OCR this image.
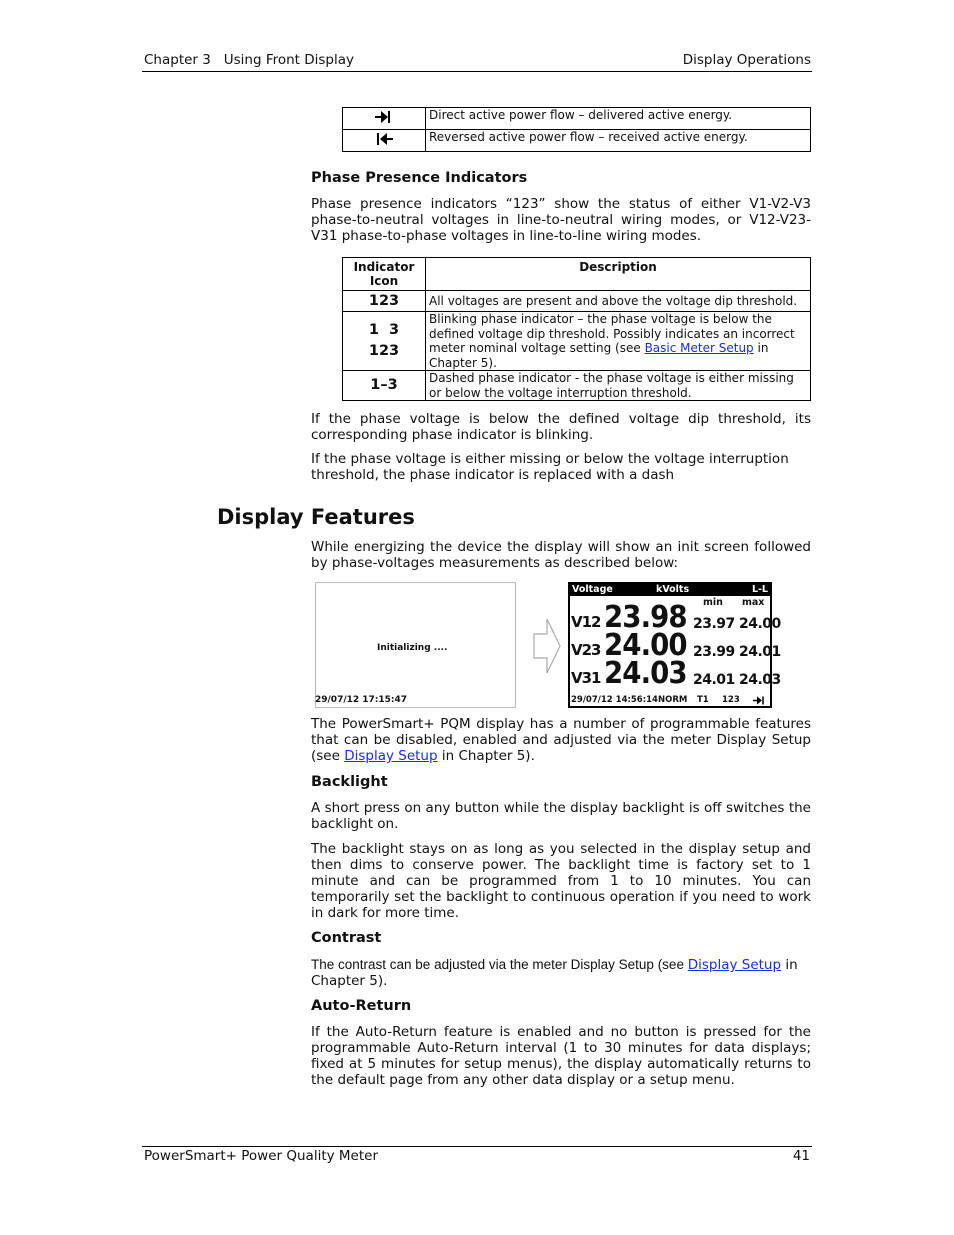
Chapter 3 Using Front Display	Display Operations
	Direct active power flow – delivered active energy.
	Reversed active power flow – received active energy.
Phase Presence Indicators
Phase presence indicators “123” show the status of either V1-V2-V3 phase-to-neutral voltages in line-to-neutral wiring modes, or V12-V23-V31 phase-to-phase voltages in line-to-line wiring modes.
Indicator Icon	Description
123	All voltages are present and above the voltage dip threshold.

1  3
123	Blinking phase indicator – the phase voltage is below the defined voltage dip threshold. Possibly indicates an incorrect meter nominal voltage setting (see Basic Meter Setup in Chapter 5).
1–3	Dashed phase indicator - the phase voltage is either missing or below the voltage interruption threshold.
If the phase voltage is below the defined voltage dip threshold, its corresponding phase indicator is blinking.
If the phase voltage is either missing or below the voltage interruption threshold, the phase indicator is replaced with a dash
Display Features
While energizing the device the display will show an init screen followed by phase-voltages measurements as described below:
Initializing ....
29/07/12 17:15:47
Voltage	kVolts	L-L
min max
V12 23.98 23.97 24.00
V23 24.00 23.99 24.01
V31 24.03 24.01 24.03
29/07/12 14:56:14 NORM T1 123
The PowerSmart+ PQM display has a number of programmable features that can be disabled, enabled and adjusted via the meter Display Setup (see Display Setup in Chapter 5).
Backlight
A short press on any button while the display backlight is off switches the backlight on.
The backlight stays on as long as you selected in the display setup and then dims to conserve power. The backlight time is factory set to 1 minute and can be programmed from 1 to 10 minutes. You can temporarily set the backlight to continuous operation if you need to work in dark for more time.
Contrast
The contrast can be adjusted via the meter Display Setup (see Display Setup in Chapter 5).
Auto-Return
If the Auto-Return feature is enabled and no button is pressed for the programmable Auto-Return interval (1 to 30 minutes for data displays; fixed at 5 minutes for setup menus), the display automatically returns to the default page from any other data display or a setup menu.
PowerSmart+ Power Quality Meter	41
